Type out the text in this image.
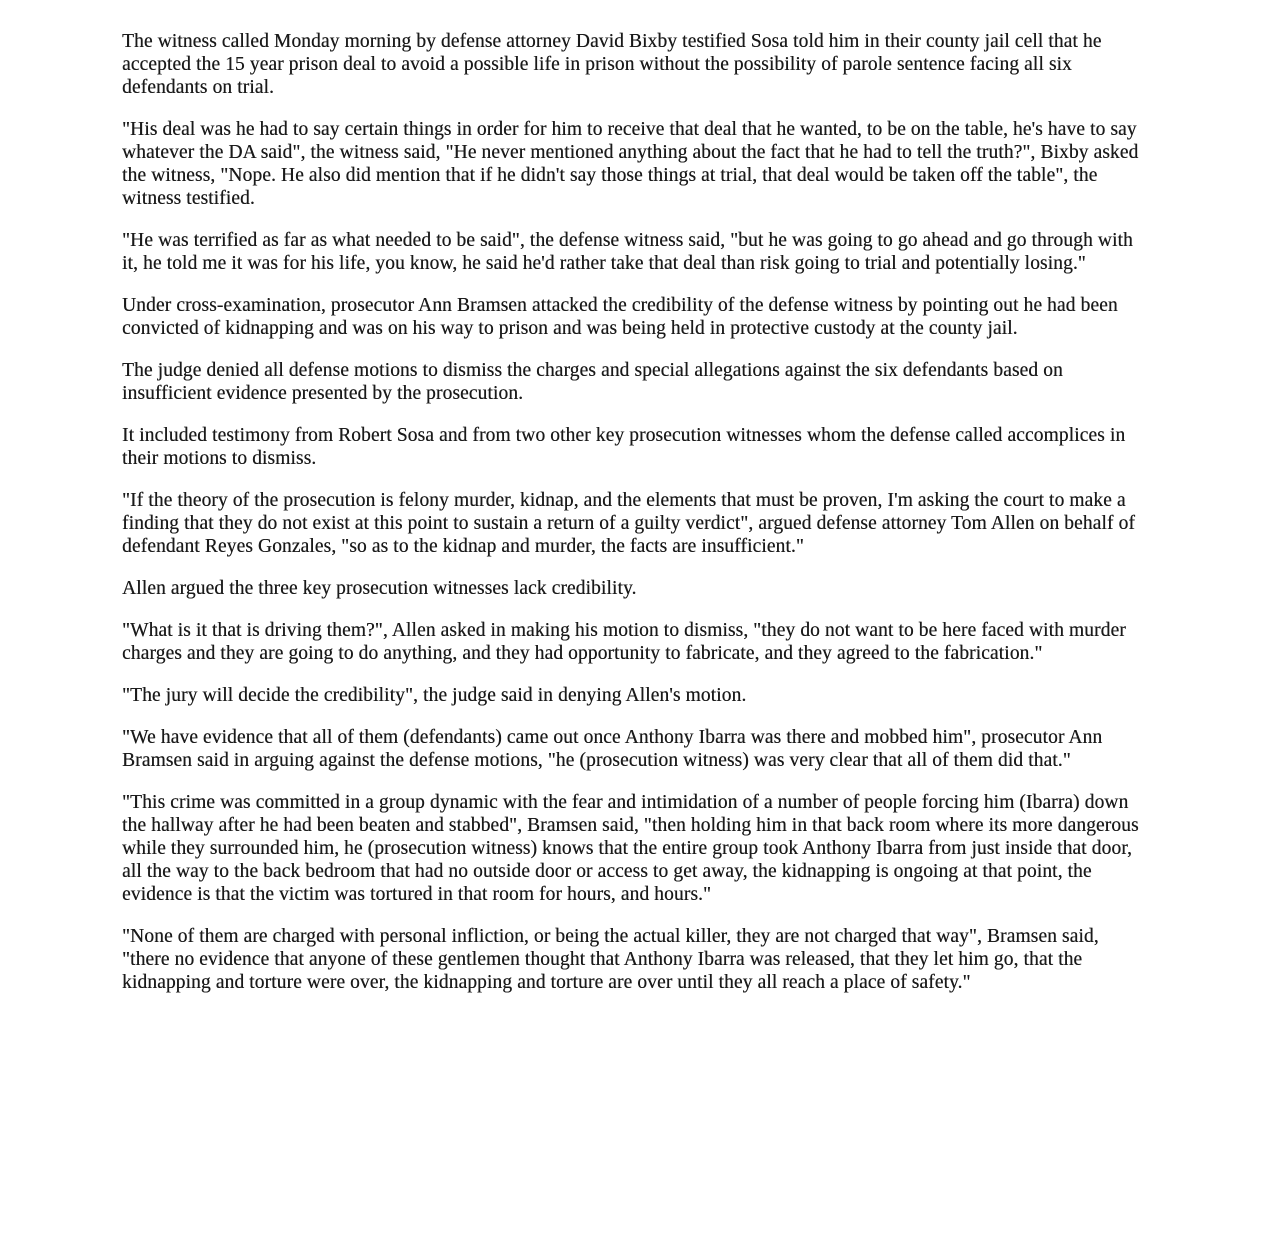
The witness called Monday morning by defense attorney David Bixby testified Sosa told him in their county jail cell that he accepted the 15 year prison deal to avoid a possible life in prison without the possibility of parole sentence facing all six defendants on trial.

"His deal was he had to say certain things in order for him to receive that deal that he wanted, to be on the table, he's have to say whatever the DA said", the witness said, "He never mentioned anything about the fact that he had to tell the truth?", Bixby asked the witness, "Nope. He also did mention that if he didn't say those things at trial, that deal would be taken off the table", the witness testified.

"He was terrified as far as what needed to be said", the defense witness said, "but he was going to go ahead and go through with it, he told me it was for his life, you know, he said he'd rather take that deal than risk going to trial and potentially losing."

Under cross-examination, prosecutor Ann Bramsen attacked the credibility of the defense witness by pointing out he had been convicted of kidnapping and was on his way to prison and was being held in protective custody at the county jail.

The judge denied all defense motions to dismiss the charges and special allegations against the six defendants based on insufficient evidence presented by the prosecution.

It included testimony from Robert Sosa and from two other key prosecution witnesses whom the defense called accomplices in their motions to dismiss.

"If the theory of the prosecution is felony murder, kidnap, and the elements that must be proven, I'm asking the court to make a finding that they do not exist at this point to sustain a return of a guilty verdict", argued defense attorney Tom Allen on behalf of defendant Reyes Gonzales, "so as to the kidnap and murder, the facts are insufficient."

Allen argued the three key prosecution witnesses lack credibility.

"What is it that is driving them?", Allen asked in making his motion to dismiss, "they do not want to be here faced with murder charges and they are going to do anything, and they had opportunity to fabricate, and they agreed to the fabrication."

"The jury will decide the credibility", the judge said in denying Allen's motion.

"We have evidence that all of them (defendants) came out once Anthony Ibarra was there and mobbed him", prosecutor Ann Bramsen said in arguing against the defense motions, "he (prosecution witness) was very clear that all of them did that."

"This crime was committed in a group dynamic with the fear and intimidation of a number of people forcing him (Ibarra) down the hallway after he had been beaten and stabbed", Bramsen said, "then holding him in that back room where its more dangerous while they surrounded him, he (prosecution witness) knows that the entire group took Anthony Ibarra from just inside that door, all the way to the back bedroom that had no outside door or access to get away, the kidnapping is ongoing at that point, the evidence is that the victim was tortured in that room for hours, and hours."

"None of them are charged with personal infliction, or being the actual killer, they are not charged that way", Bramsen said, "there no evidence that anyone of these gentlemen thought that Anthony Ibarra was released, that they let him go, that the kidnapping and torture were over, the kidnapping and torture are over until they all reach a place of safety."
